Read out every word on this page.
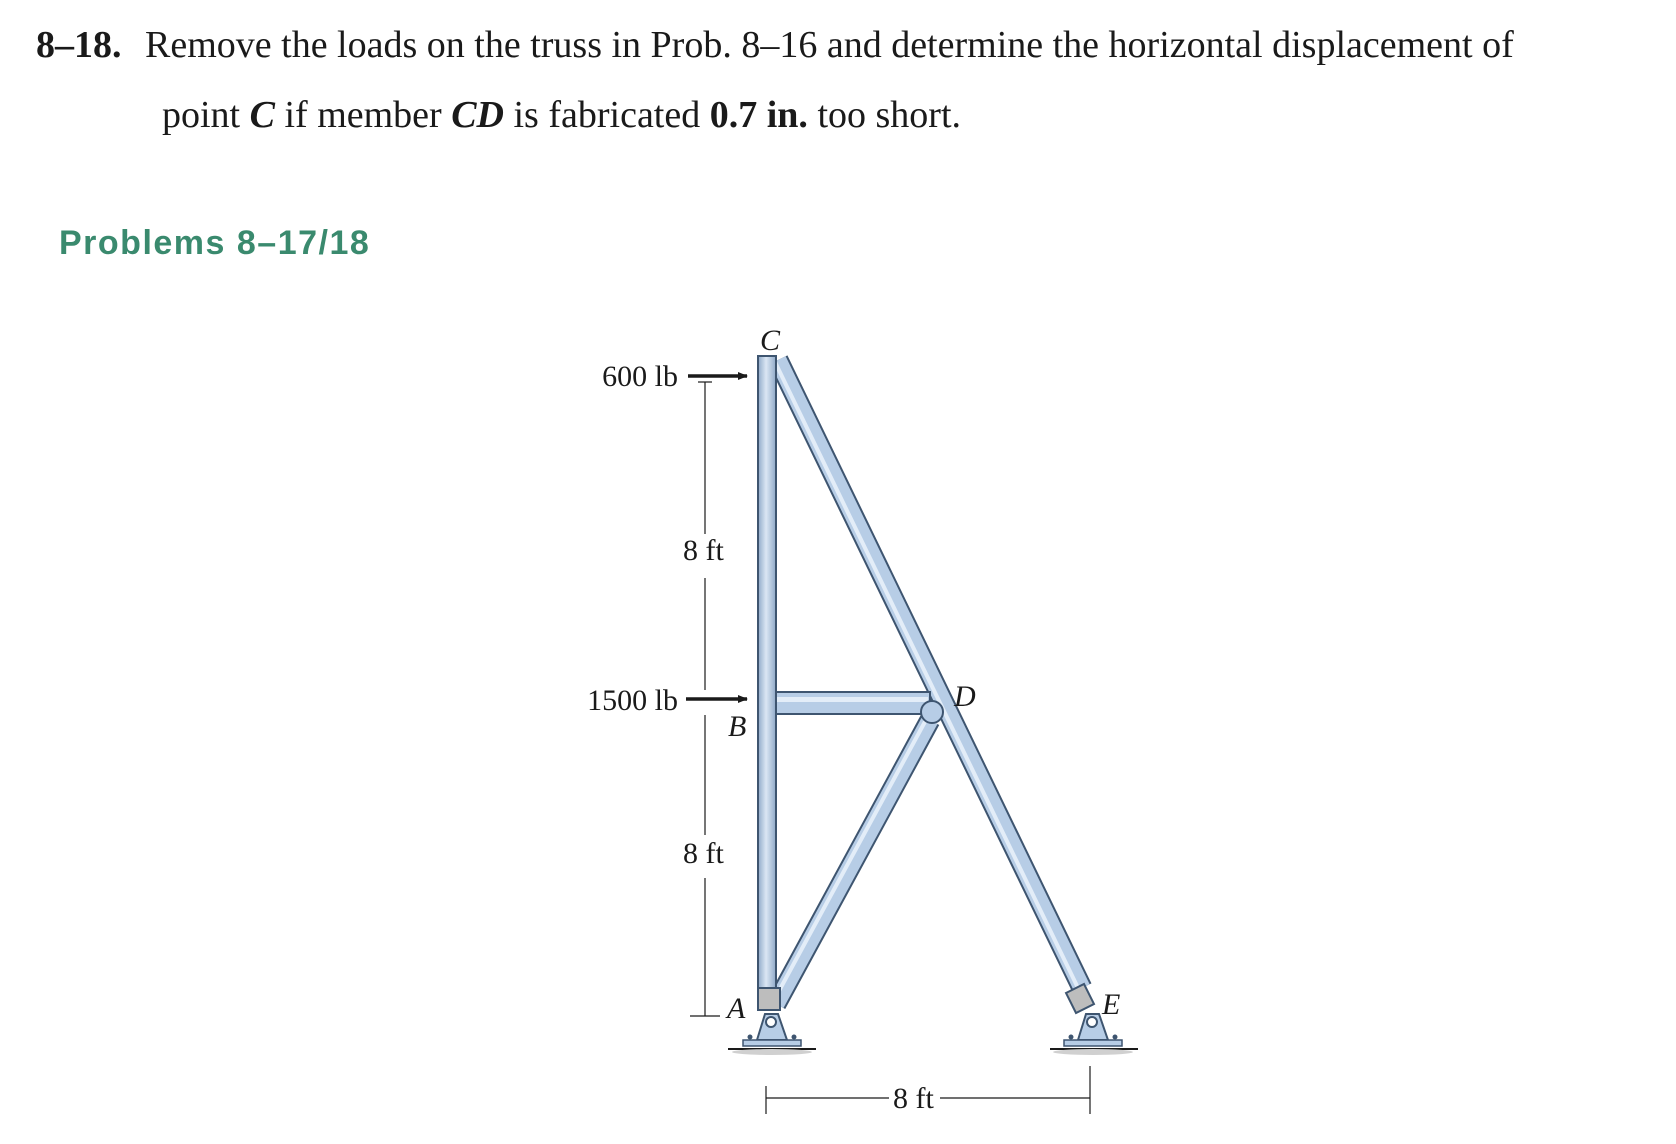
8–18. Remove the loads on the truss in Prob. 8–16 and determine the horizontal displacement of
point C if member CD is fabricated 0.7 in. too short.
Problems 8–17/18
8 ft
8 ft
8 ft
600 lb
1500 lb
C
B
D
A	E
